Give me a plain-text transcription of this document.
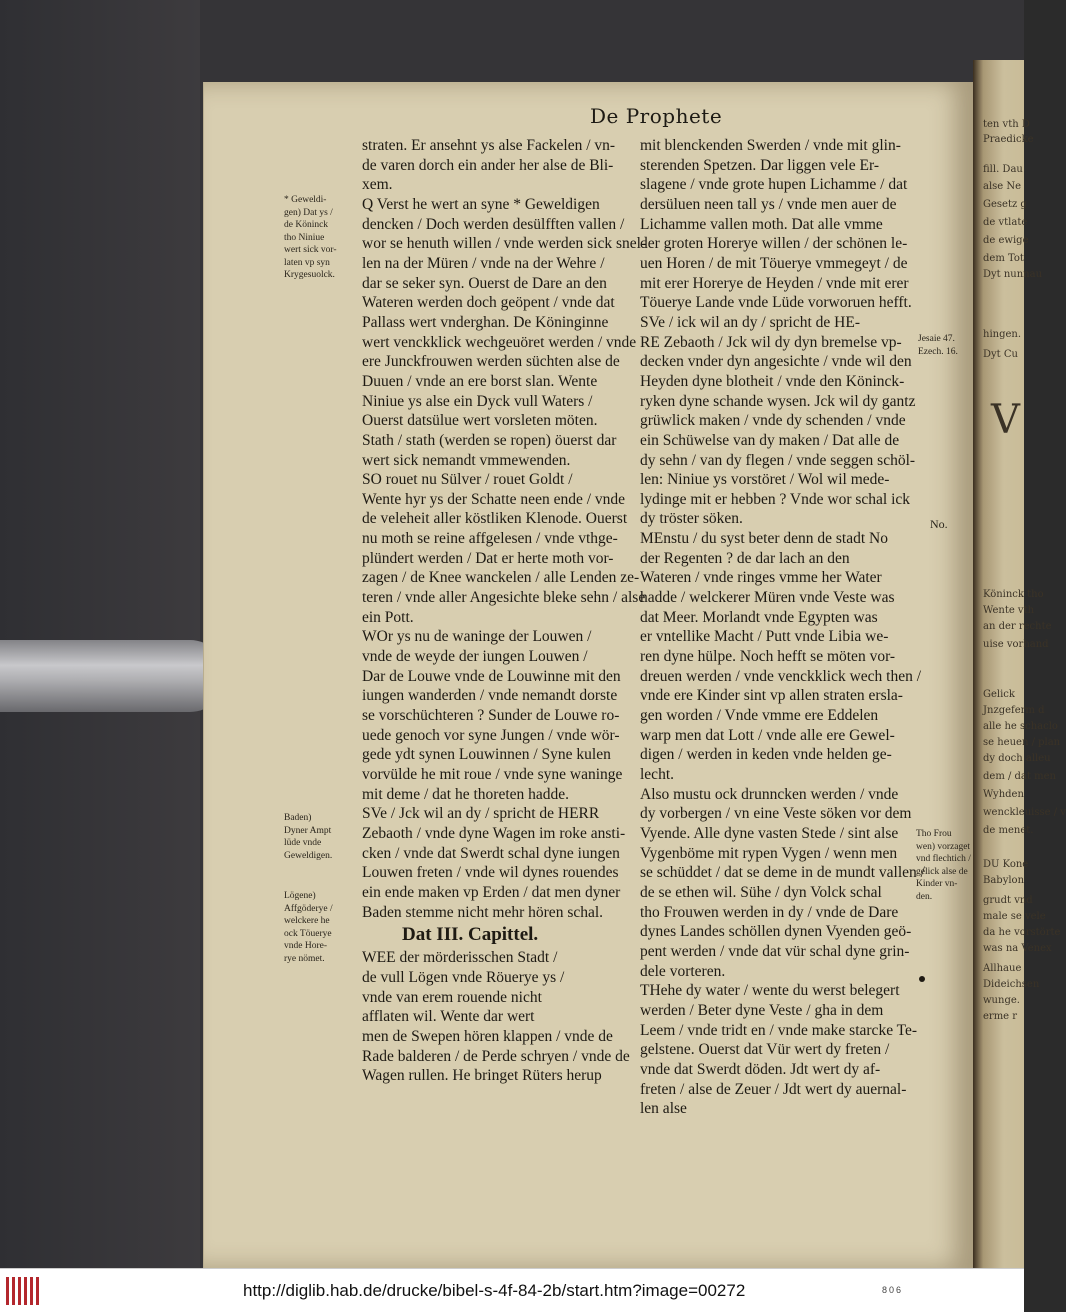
ten vth D
Praedicke
fill. Dau
alse Ne
Gesetz g
de vtlate
de ewige
dem Tot
Dyt nunnau
hingen.
Dyt Cu
V
Köninck tho
Wente vth
an der rechte
uise vorhand
Gelick
Jnzgeferm d
alle he schaclo
se heuen / plan
dy doch alleu
dem / dat men
Wyhden
wenckleuisse / v
de menet.
DU Kone
Babylon
grudt vnd
male se vele
da he vorstörte
was na Venex
Allhaue
Dideichsen
wunge.
erme r
De Prophete

straten. Er ansehnt ys alse Fackelen / vn-

de varen dorch ein ander her alse de Bli-

xem.

Q Verst he wert an syne * Geweldigen

dencken / Doch werden desülfften vallen /

wor se henuth willen / vnde werden sick snel-

len na der Müren / vnde na der Wehre /

dar se seker syn. Ouerst de Dare an den

Wateren werden doch geöpent / vnde dat

Pallass wert vnderghan. De Köninginne

wert venckklick wechgeuöret werden / vnde

ere Junckfrouwen werden süchten alse de

Duuen / vnde an ere borst slan. Wente

Niniue ys alse ein Dyck vull Waters /

Ouerst datsülue wert vorsleten möten.

Stath / stath (werden se ropen) öuerst dar

wert sick nemandt vmmewenden.

SO rouet nu Sülver / rouet Goldt /

Wente hyr ys der Schatte neen ende / vnde

de veleheit aller köstliken Klenode. Ouerst

nu moth se reine affgelesen / vnde vthge-

plündert werden / Dat er herte moth vor-

zagen / de Knee wanckelen / alle Lenden ze-

teren / vnde aller Angesichte bleke sehn / alse

ein Pott.

WOr ys nu de waninge der Louwen /

vnde de weyde der iungen Louwen /

Dar de Louwe vnde de Louwinne mit den

iungen wanderden / vnde nemandt dorste

se vorschüchteren ? Sunder de Louwe ro-

uede genoch vor syne Jungen / vnde wör-

gede ydt synen Louwinnen / Syne kulen

vorvülde he mit roue / vnde syne waninge

mit deme / dat he thoreten hadde.

SVe / Jck wil an dy / spricht de HERR

Zebaoth / vnde dyne Wagen im roke ansti-

cken / vnde dat Swerdt schal dyne iungen

Louwen freten / vnde wil dynes rouendes

ein ende maken vp Erden / dat men dyner

Baden stemme nicht mehr hören schal.

Dat III. Capittel.

WEE der mörderisschen Stadt /

de vull Lögen vnde Röuerye ys /

vnde van erem rouende nicht

afflaten wil. Wente dar wert

men de Swepen hören klappen / vnde de

Rade balderen / de Perde schryen / vnde de

Wagen rullen. He bringet Rüters herup

mit blenckenden Swerden / vnde mit glin-

sterenden Spetzen. Dar liggen vele Er-

slagene / vnde grote hupen Lichamme / dat

dersüluen neen tall ys / vnde men auer de

Lichamme vallen moth. Dat alle vmme

der groten Horerye willen / der schönen le-

uen Horen / de mit Töuerye vmmegeyt / de

mit erer Horerye de Heyden / vnde mit erer

Töuerye Lande vnde Lüde vorworuen hefft.

SVe / ick wil an dy / spricht de HE-

RE Zebaoth / Jck wil dy dyn bremelse vp-

decken vnder dyn angesichte / vnde wil den

Heyden dyne blotheit / vnde den Köninck-

ryken dyne schande wysen. Jck wil dy gantz

grüwlick maken / vnde dy schenden / vnde

ein Schüwelse van dy maken / Dat alle de

dy sehn / van dy flegen / vnde seggen schöl-

len: Niniue ys vorstöret / Wol wil mede-

lydinge mit er hebben ? Vnde wor schal ick

dy tröster söken.

MEnstu / du syst beter denn de stadt No

der Regenten ? de dar lach an den

Wateren / vnde ringes vmme her Water

hadde / welckerer Müren vnde Veste was

dat Meer. Morlandt vnde Egypten was

er vntellike Macht / Putt vnde Libia we-

ren dyne hülpe. Noch hefft se möten vor-

dreuen werden / vnde venckklick wech then /

vnde ere Kinder sint vp allen straten ersla-

gen worden / Vnde vmme ere Eddelen

warp men dat Lott / vnde alle ere Gewel-

digen / werden in keden vnde helden ge-

lecht.

Also mustu ock drunncken werden / vnde

dy vorbergen / vn eine Veste söken vor dem

Vyende. Alle dyne vasten Stede / sint alse

Vygenböme mit rypen Vygen / wenn men

se schüddet / dat se deme in de mundt vallen /

de se ethen wil. Sühe / dyn Volck schal

tho Frouwen werden in dy / vnde de Dare

dynes Landes schöllen dynen Vyenden geö-

pent werden / vnde dat vür schal dyne grin-

dele vorteren.

THehe dy water / wente du werst belegert

werden / Beter dyne Veste / gha in dem

Leem / vnde tridt en / vnde make starcke Te-

gelstene. Ouerst dat Vür wert dy freten /

vnde dat Swerdt döden. Jdt wert dy af-

freten / alse de Zeuer / Jdt wert dy auernal-

len alse

* Geweldi-
gen) Dat ys /
de Köninck
tho Niniue
wert sick vor-
laten vp syn
Krygesuolck.
Baden)
Dyner Ampt
lüde vnde
Geweldigen.
Lögene)
Affgöderye /
welckere he
ock Töuerye
vnde Hore-
rye nömet.
Jesaie 47.
Ezech. 16.
No.
Tho Frou
wen) vorzaget
vnd flechtich /
gelick alse de
Kinder vn-
den.
http://diglib.hab.de/drucke/bibel-s-4f-84-2b/start.htm?image=00272	806
